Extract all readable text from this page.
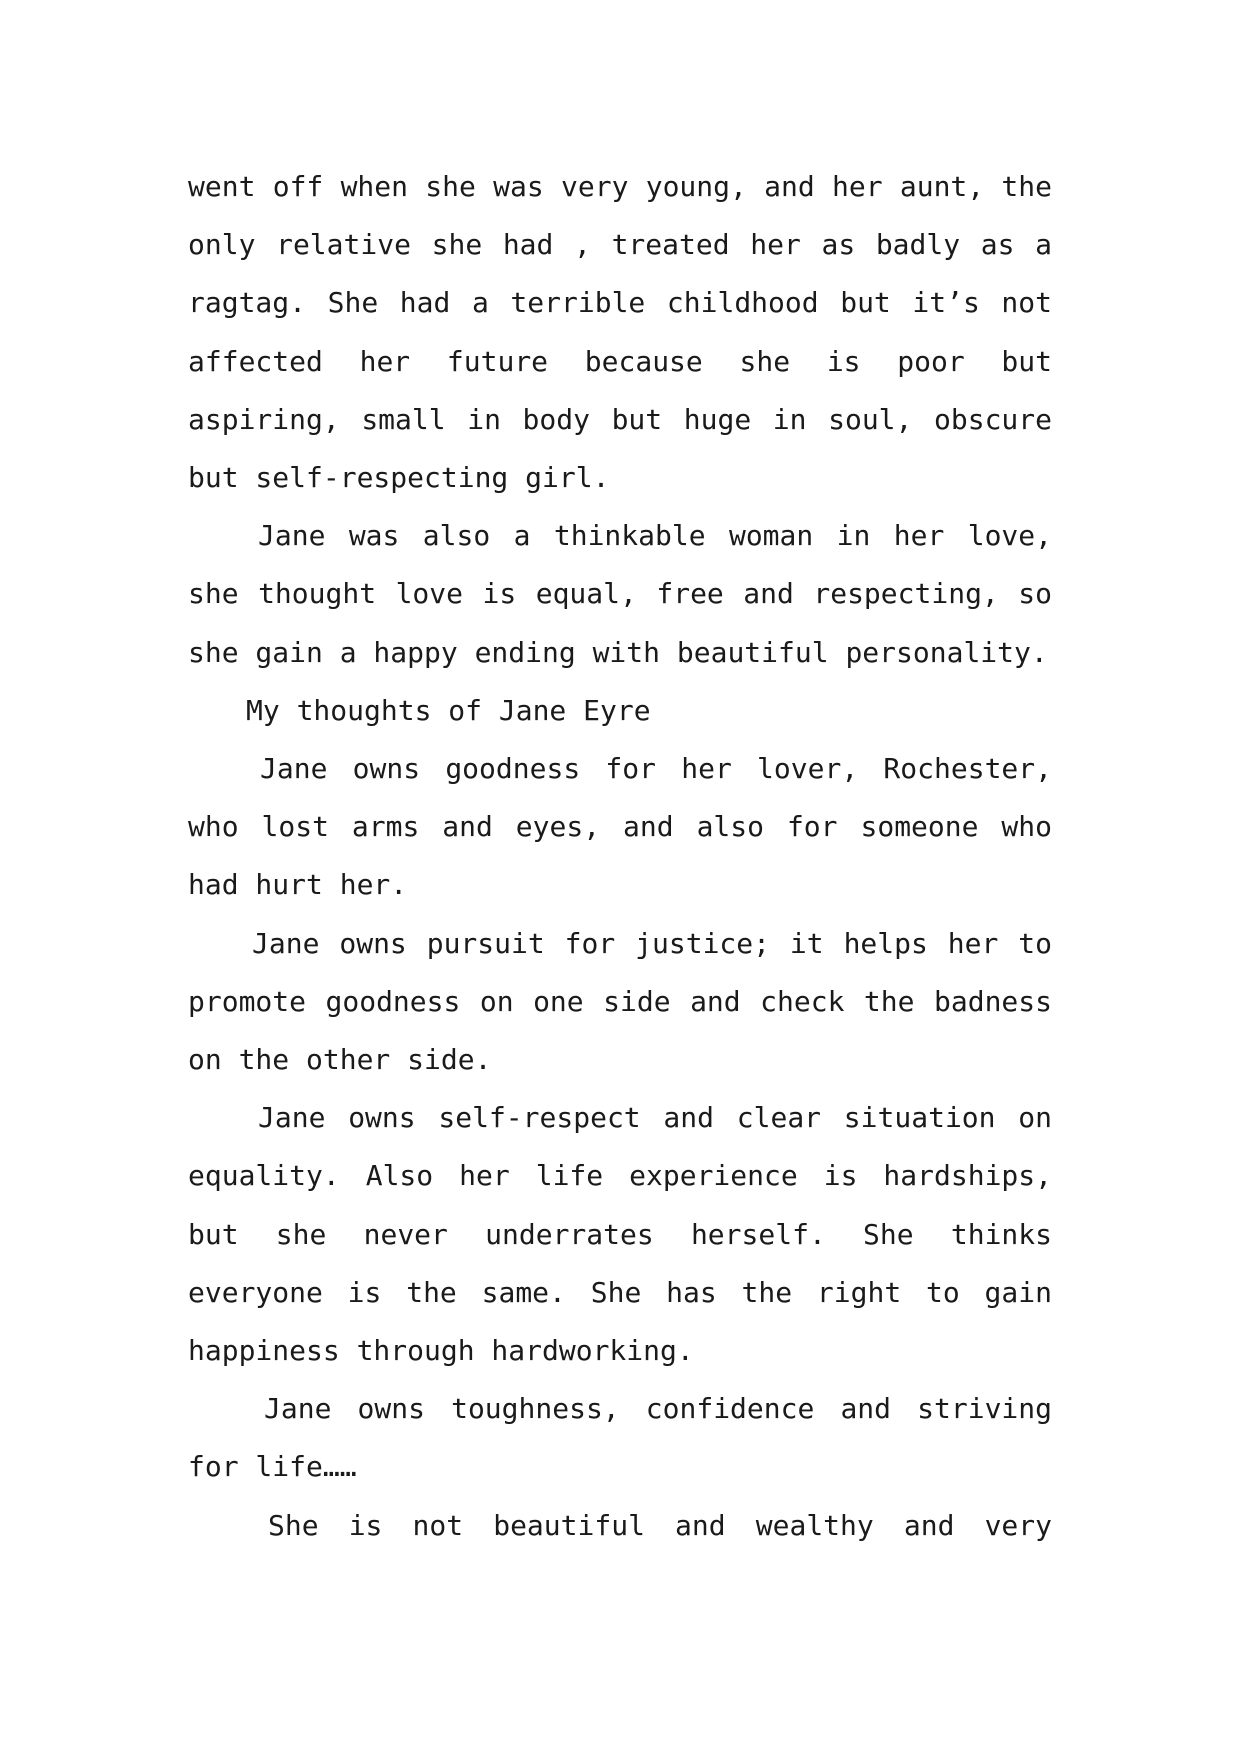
went off when she was very young, and her aunt, the
only relative she had , treated her as badly as a
ragtag. She had a terrible childhood but it’s not
affected her future because she is poor but
aspiring, small in body but huge in soul, obscure
but self-respecting girl.
Jane was also a thinkable woman in her love,
she thought love is equal, free and respecting, so
she gain a happy ending with beautiful personality.
My thoughts of Jane Eyre
Jane owns goodness for her lover, Rochester,
who lost arms and eyes, and also for someone who
had hurt her.
Jane owns pursuit for justice; it helps her to
promote goodness on one side and check the badness
on the other side.
Jane owns self-respect and clear situation on
equality. Also her life experience is hardships,
but she never underrates herself. She thinks
everyone is the same. She has the right to gain
happiness through hardworking.
Jane owns toughness, confidence and striving
for life……
She is not beautiful and wealthy and very
